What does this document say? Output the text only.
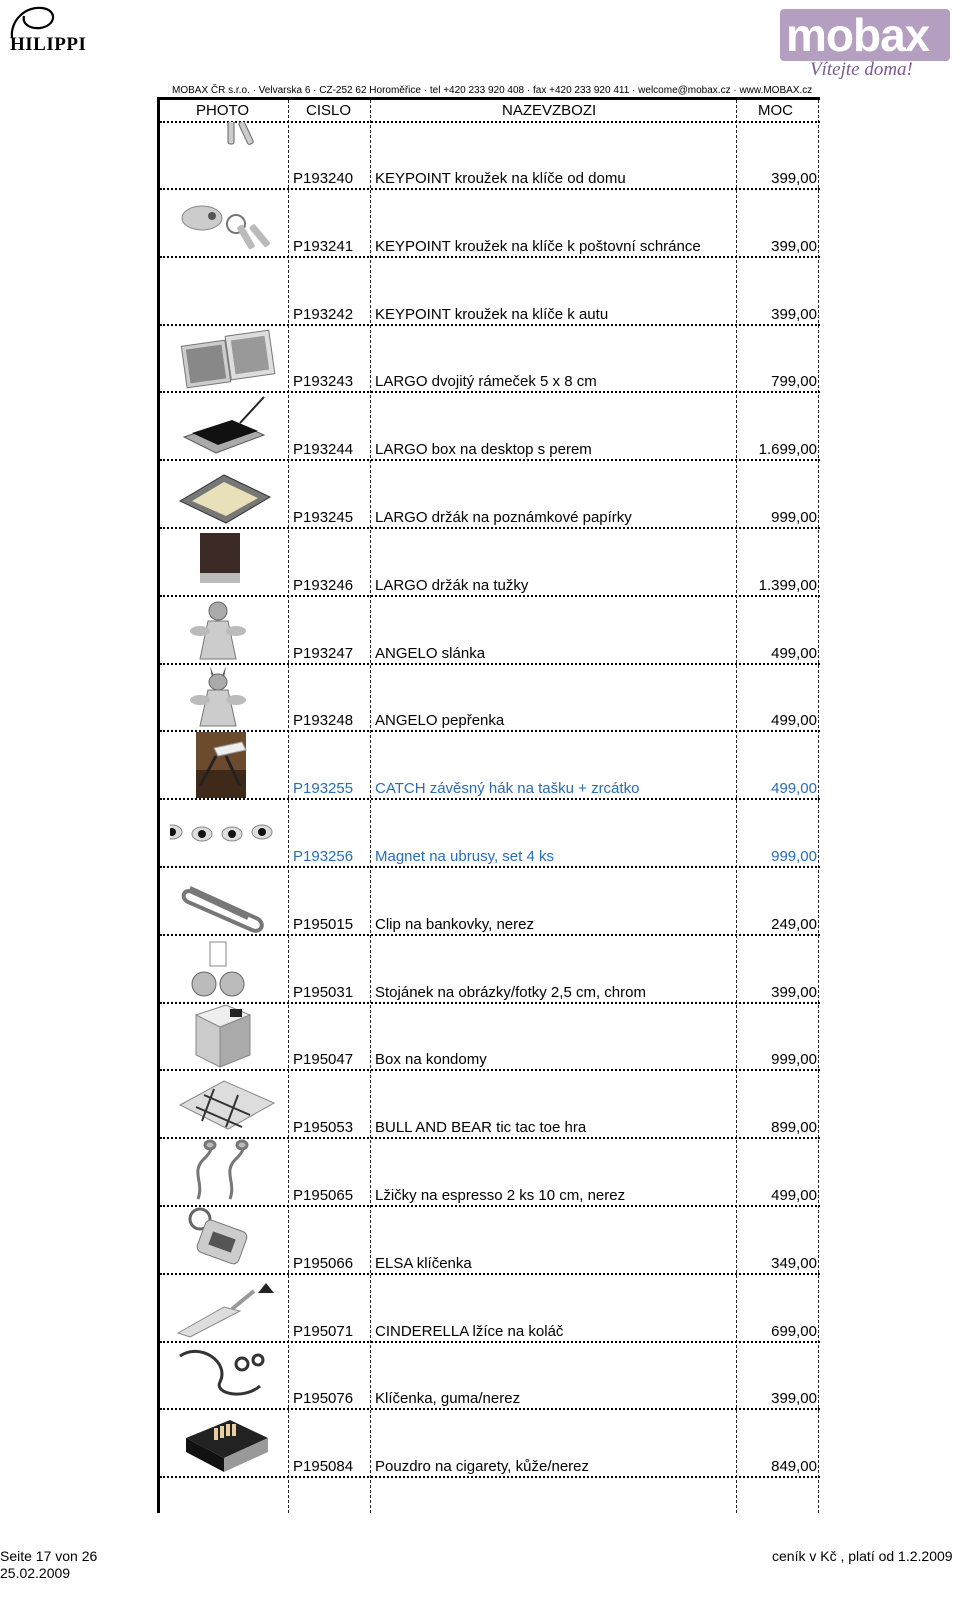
HILIPPI	mobax
Vítejte doma!
MOBAX ČR s.r.o. · Velvarska 6 · CZ-252 62 Horoměřice · tel +420 233 920 408 · fax +420 233 920 411 · welcome@mobax.cz · www.MOBAX.cz
PHOTO	CISLO	NAZEVZBOZI	MOC
P193240 KEYPOINT kroužek na klíče od domu	399,00
P193241 KEYPOINT kroužek na klíče k poštovní schránce	399,00
P193242 KEYPOINT kroužek na klíče k autu	399,00
P193243 LARGO dvojitý rámeček 5 x 8 cm	799,00
P193244 LARGO box na desktop s perem	1.699,00
P193245 LARGO držák na poznámkové papírky	999,00
P193246 LARGO držák na tužky	1.399,00
P193247 ANGELO slánka	499,00
P193248 ANGELO pepřenka	499,00
P193255 CATCH závěsný hák na tašku + zrcátko	499,00
P193256 Magnet na ubrusy, set 4 ks	999,00
P195015 Clip na bankovky, nerez	249,00
P195031 Stojánek na obrázky/fotky 2,5 cm, chrom	399,00
P195047 Box na kondomy	999,00
P195053 BULL AND BEAR tic tac toe hra	899,00
P195065 Lžičky na espresso 2 ks 10 cm, nerez	499,00
P195066 ELSA klíčenka	349,00
P195071 CINDERELLA lžíce na koláč	699,00
P195076 Klíčenka, guma/nerez	399,00
P195084 Pouzdro na cigarety, kůže/nerez	849,00
Seite 17 von 26
25.02.2009
ceník v Kč , platí od 1.2.2009
